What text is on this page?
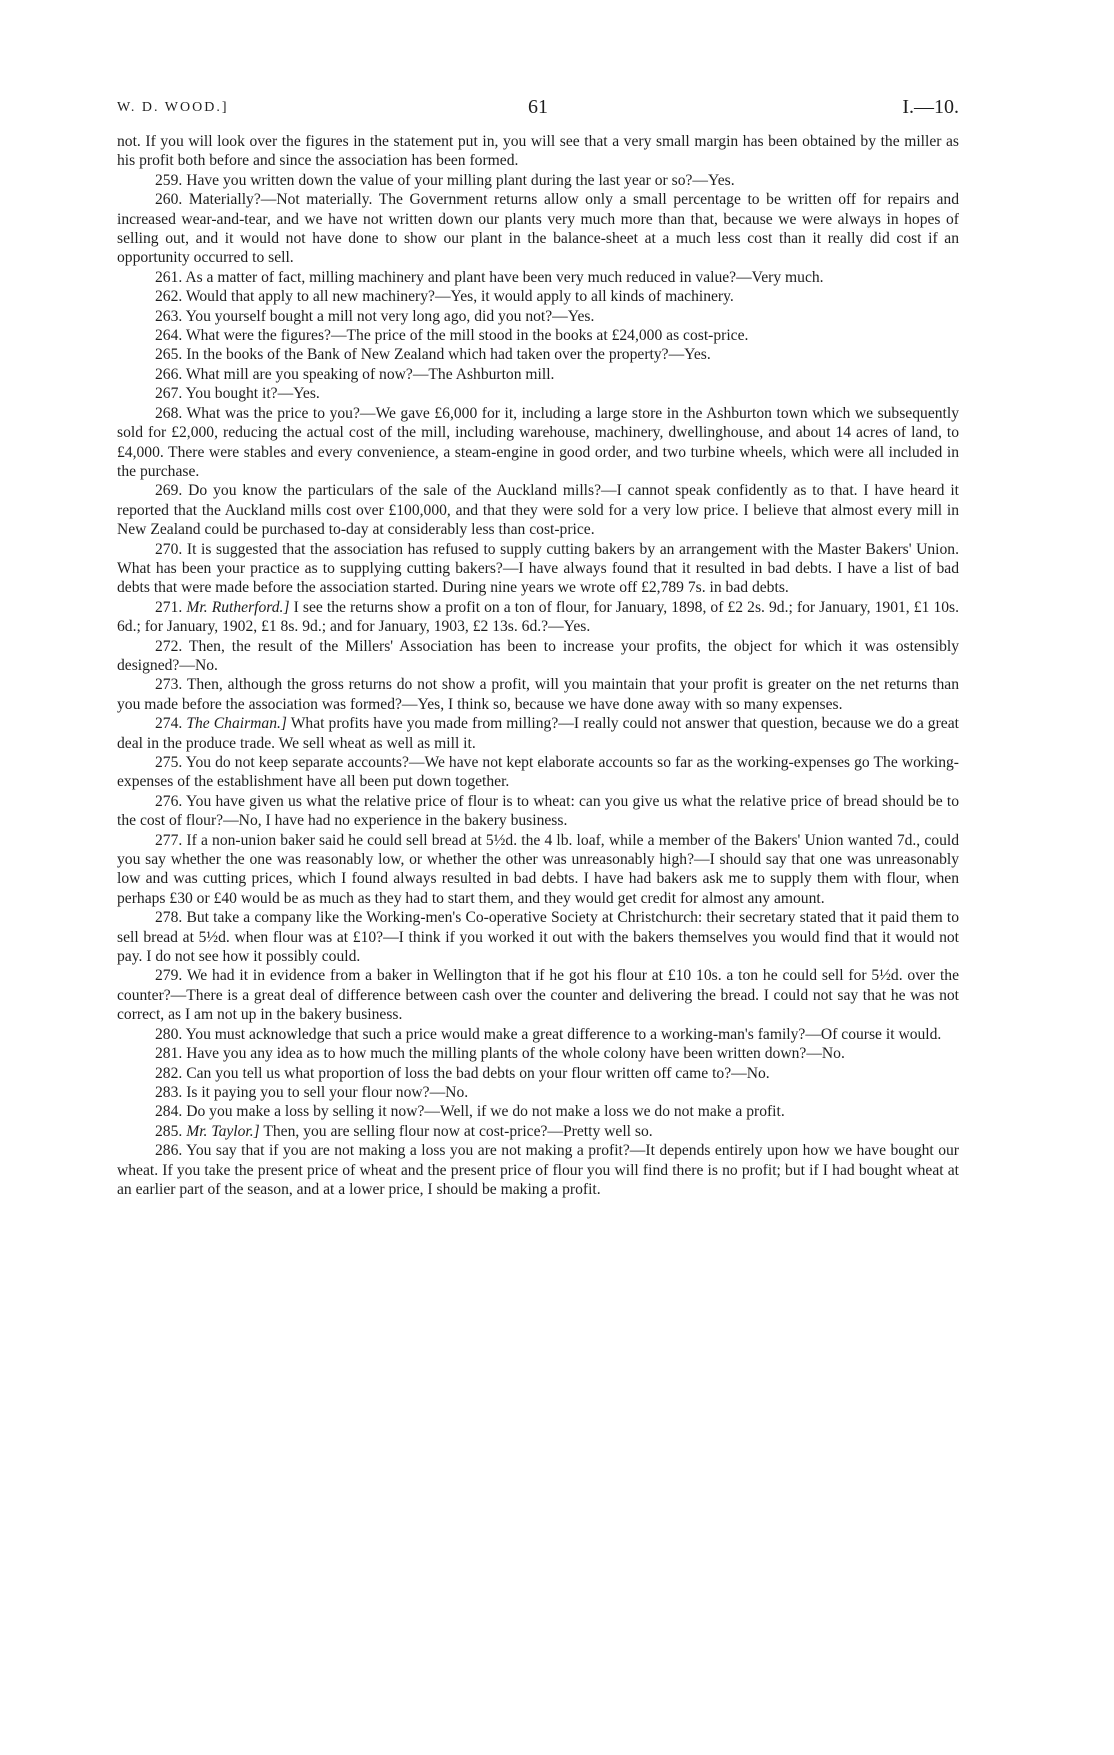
W. D. WOOD.]	61	I.—10.

not. If you will look over the figures in the statement put in, you will see that a very small margin has been obtained by the miller as his profit both before and since the association has been formed.

259. Have you written down the value of your milling plant during the last year or so?—Yes.

260. Materially?—Not materially. The Government returns allow only a small percentage to be written off for repairs and increased wear-and-tear, and we have not written down our plants very much more than that, because we were always in hopes of selling out, and it would not have done to show our plant in the balance-sheet at a much less cost than it really did cost if an opportunity occurred to sell.

261. As a matter of fact, milling machinery and plant have been very much reduced in value?—Very much.

262. Would that apply to all new machinery?—Yes, it would apply to all kinds of machinery.

263. You yourself bought a mill not very long ago, did you not?—Yes.

264. What were the figures?—The price of the mill stood in the books at £24,000 as cost-price.

265. In the books of the Bank of New Zealand which had taken over the property?—Yes.

266. What mill are you speaking of now?—The Ashburton mill.

267. You bought it?—Yes.

268. What was the price to you?—We gave £6,000 for it, including a large store in the Ashburton town which we subsequently sold for £2,000, reducing the actual cost of the mill, including warehouse, machinery, dwellinghouse, and about 14 acres of land, to £4,000. There were stables and every convenience, a steam-engine in good order, and two turbine wheels, which were all included in the purchase.

269. Do you know the particulars of the sale of the Auckland mills?—I cannot speak confidently as to that. I have heard it reported that the Auckland mills cost over £100,000, and that they were sold for a very low price. I believe that almost every mill in New Zealand could be purchased to-day at considerably less than cost-price.

270. It is suggested that the association has refused to supply cutting bakers by an arrangement with the Master Bakers' Union. What has been your practice as to supplying cutting bakers?—I have always found that it resulted in bad debts. I have a list of bad debts that were made before the association started. During nine years we wrote off £2,789 7s. in bad debts.

271. Mr. Rutherford.] I see the returns show a profit on a ton of flour, for January, 1898, of £2 2s. 9d.; for January, 1901, £1 10s. 6d.; for January, 1902, £1 8s. 9d.; and for January, 1903, £2 13s. 6d.?—Yes.

272. Then, the result of the Millers' Association has been to increase your profits, the object for which it was ostensibly designed?—No.

273. Then, although the gross returns do not show a profit, will you maintain that your profit is greater on the net returns than you made before the association was formed?—Yes, I think so, because we have done away with so many expenses.

274. The Chairman.] What profits have you made from milling?—I really could not answer that question, because we do a great deal in the produce trade. We sell wheat as well as mill it.

275. You do not keep separate accounts?—We have not kept elaborate accounts so far as the working-expenses go The working-expenses of the establishment have all been put down together.

276. You have given us what the relative price of flour is to wheat: can you give us what the relative price of bread should be to the cost of flour?—No, I have had no experience in the bakery business.

277. If a non-union baker said he could sell bread at 5½d. the 4 lb. loaf, while a member of the Bakers' Union wanted 7d., could you say whether the one was reasonably low, or whether the other was unreasonably high?—I should say that one was unreasonably low and was cutting prices, which I found always resulted in bad debts. I have had bakers ask me to supply them with flour, when perhaps £30 or £40 would be as much as they had to start them, and they would get credit for almost any amount.

278. But take a company like the Working-men's Co-operative Society at Christchurch: their secretary stated that it paid them to sell bread at 5½d. when flour was at £10?—I think if you worked it out with the bakers themselves you would find that it would not pay. I do not see how it possibly could.

279. We had it in evidence from a baker in Wellington that if he got his flour at £10 10s. a ton he could sell for 5½d. over the counter?—There is a great deal of difference between cash over the counter and delivering the bread. I could not say that he was not correct, as I am not up in the bakery business.

280. You must acknowledge that such a price would make a great difference to a working-man's family?—Of course it would.

281. Have you any idea as to how much the milling plants of the whole colony have been written down?—No.

282. Can you tell us what proportion of loss the bad debts on your flour written off came to?—No.

283. Is it paying you to sell your flour now?—No.

284. Do you make a loss by selling it now?—Well, if we do not make a loss we do not make a profit.

285. Mr. Taylor.] Then, you are selling flour now at cost-price?—Pretty well so.

286. You say that if you are not making a loss you are not making a profit?—It depends entirely upon how we have bought our wheat. If you take the present price of wheat and the present price of flour you will find there is no profit; but if I had bought wheat at an earlier part of the season, and at a lower price, I should be making a profit.
